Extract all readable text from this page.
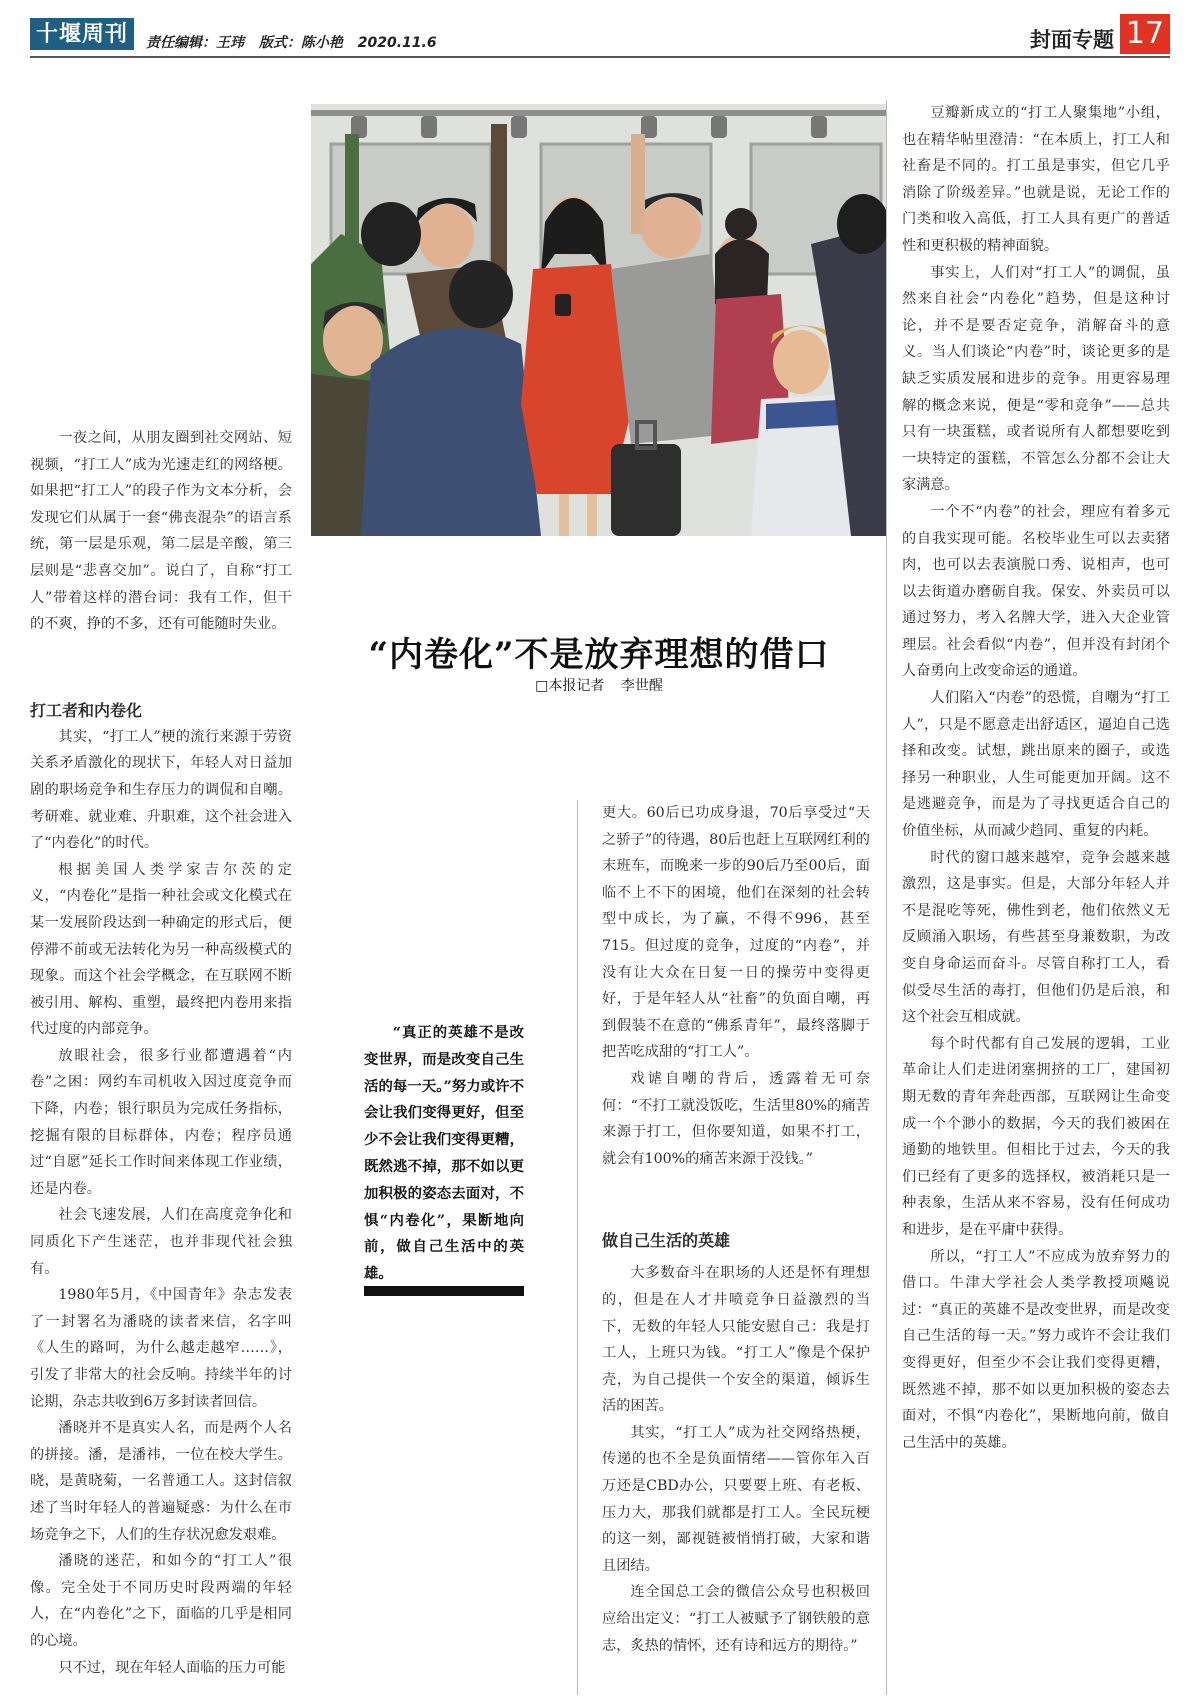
十堰周刊	责任编辑：王玮 版式：陈小艳 2020.11.6	封面专题 17
“内卷化”不是放弃理想的借口
□本报记者 李世醒

一夜之间，从朋友圈到社交网站、短视频，“打工人”成为光速走红的网络梗。如果把“打工人”的段子作为文本分析，会发现它们从属于一套“佛丧混杂”的语言系统，第一层是乐观，第二层是辛酸，第三层则是“悲喜交加”。说白了，自称“打工人”带着这样的潜台词：我有工作，但干的不爽，挣的不多，还有可能随时失业。

打工者和内卷化

其实，“打工人”梗的流行来源于劳资关系矛盾激化的现状下，年轻人对日益加剧的职场竞争和生存压力的调侃和自嘲。考研难、就业难、升职难，这个社会进入了“内卷化”的时代。

根据美国人类学家吉尔茨的定义，“内卷化”是指一种社会或文化模式在某一发展阶段达到一种确定的形式后，便停滞不前或无法转化为另一种高级模式的现象。而这个社会学概念，在互联网不断被引用、解构、重塑，最终把内卷用来指代过度的内部竞争。

放眼社会，很多行业都遭遇着“内卷”之困：网约车司机收入因过度竞争而下降，内卷；银行职员为完成任务指标，挖掘有限的目标群体，内卷；程序员通过“自愿”延长工作时间来体现工作业绩，还是内卷。

社会飞速发展，人们在高度竞争化和同质化下产生迷茫，也并非现代社会独有。

1980年5月，《中国青年》杂志发表了一封署名为潘晓的读者来信，名字叫《人生的路呵，为什么越走越窄……》，引发了非常大的社会反响。持续半年的讨论期，杂志共收到6万多封读者回信。

潘晓并不是真实人名，而是两个人名的拼接。潘，是潘祎，一位在校大学生。晓，是黄晓菊，一名普通工人。这封信叙述了当时年轻人的普遍疑惑：为什么在市场竞争之下，人们的生存状况愈发艰难。

潘晓的迷茫，和如今的“打工人”很像。完全处于不同历史时段两端的年轻人，在“内卷化”之下，面临的几乎是相同的心境。

只不过，现在年轻人面临的压力可能

“真正的英雄不是改变世界，而是改变自己生活的每一天。”努力或许不会让我们变得更好，但至少不会让我们变得更糟，既然逃不掉，那不如以更加积极的姿态去面对，不惧“内卷化”，果断地向前，做自己生活中的英雄。

更大。60后已功成身退，70后享受过“天之骄子”的待遇，80后也赶上互联网红利的末班车，而晚来一步的90后乃至00后，面临不上不下的困境，他们在深刻的社会转型中成长，为了赢，不得不996，甚至715。但过度的竞争，过度的“内卷”，并没有让大众在日复一日的操劳中变得更好，于是年轻人从“社畜”的负面自嘲，再到假装不在意的“佛系青年”，最终落脚于把苦吃成甜的“打工人”。

戏谑自嘲的背后，透露着无可奈何：“不打工就没饭吃，生活里80%的痛苦来源于打工，但你要知道，如果不打工，就会有100%的痛苦来源于没钱。”

做自己生活的英雄

大多数奋斗在职场的人还是怀有理想的，但是在人才井喷竞争日益激烈的当下，无数的年轻人只能安慰自己：我是打工人，上班只为钱。“打工人”像是个保护壳，为自己提供一个安全的渠道，倾诉生活的困苦。

其实，“打工人”成为社交网络热梗，传递的也不全是负面情绪——管你年入百万还是CBD办公，只要要上班、有老板、压力大，那我们就都是打工人。全民玩梗的这一刻，鄙视链被悄悄打破，大家和谐且团结。

连全国总工会的微信公众号也积极回应给出定义：“打工人被赋予了钢铁般的意志，炙热的情怀，还有诗和远方的期待。”

豆瓣新成立的“打工人聚集地”小组，也在精华帖里澄清：“在本质上，打工人和社畜是不同的。打工虽是事实，但它几乎消除了阶级差异。”也就是说，无论工作的门类和收入高低，打工人具有更广的普适性和更积极的精神面貌。

事实上，人们对“打工人”的调侃，虽然来自社会“内卷化”趋势，但是这种讨论，并不是要否定竞争，消解奋斗的意义。当人们谈论“内卷”时，谈论更多的是缺乏实质发展和进步的竞争。用更容易理解的概念来说，便是“零和竞争”——总共只有一块蛋糕，或者说所有人都想要吃到一块特定的蛋糕，不管怎么分都不会让大家满意。

一个不“内卷”的社会，理应有着多元的自我实现可能。名校毕业生可以去卖猪肉，也可以去表演脱口秀、说相声，也可以去街道办磨砺自我。保安、外卖员可以通过努力，考入名牌大学，进入大企业管理层。社会看似“内卷”，但并没有封闭个人奋勇向上改变命运的通道。

人们陷入“内卷”的恐慌，自嘲为“打工人”，只是不愿意走出舒适区，逼迫自己选择和改变。试想，跳出原来的圈子，或选择另一种职业，人生可能更加开阔。这不是逃避竞争，而是为了寻找更适合自己的价值坐标，从而减少趋同、重复的内耗。

时代的窗口越来越窄，竞争会越来越激烈，这是事实。但是，大部分年轻人并不是混吃等死，佛性到老，他们依然义无反顾涌入职场，有些甚至身兼数职，为改变自身命运而奋斗。尽管自称打工人，看似受尽生活的毒打，但他们仍是后浪，和这个社会互相成就。

每个时代都有自己发展的逻辑，工业革命让人们走进闭塞拥挤的工厂，建国初期无数的青年奔赴西部，互联网让生命变成一个个渺小的数据，今天的我们被困在通勤的地铁里。但相比于过去，今天的我们已经有了更多的选择权，被消耗只是一种表象，生活从来不容易，没有任何成功和进步，是在平庸中获得。

所以，“打工人”不应成为放弃努力的借口。牛津大学社会人类学教授项飚说过：“真正的英雄不是改变世界，而是改变自己生活的每一天。”努力或许不会让我们变得更好，但至少不会让我们变得更糟，既然逃不掉，那不如以更加积极的姿态去面对，不惧“内卷化”，果断地向前，做自己生活中的英雄。
